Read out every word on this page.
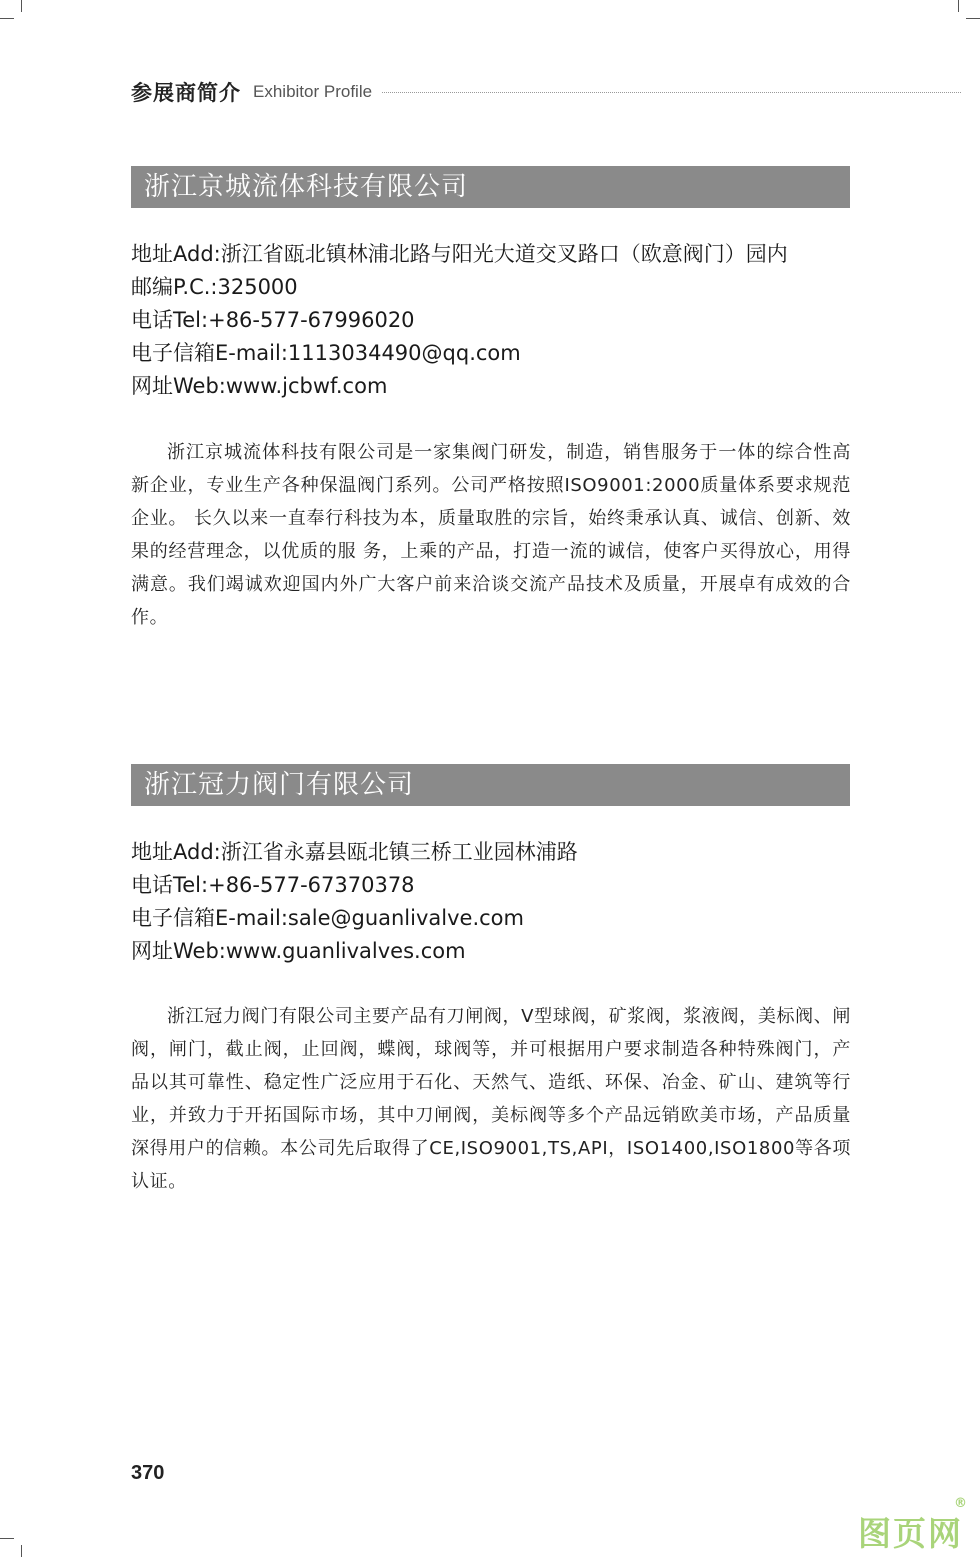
参展商简介 Exhibitor Profile
浙江京城流体科技有限公司
地址Add:浙江省瓯北镇林浦北路与阳光大道交叉路口（欧意阀门）园内
邮编P.C.:325000
电话Tel:+86-577-67996020
电子信箱E-mail:1113034490@qq.com
网址Web:www.jcbwf.com
浙江京城流体科技有限公司是一家集阀门研发，制造，销售服务于一体的综合性高新企业，专业生产各种保温阀门系列。公司严格按照ISO9001:2000质量体系要求规范企业。 长久以来一直奉行科技为本，质量取胜的宗旨，始终秉承认真、诚信、创新、效果的经营理念，以优质的服 务，上乘的产品，打造一流的诚信，使客户买得放心，用得满意。我们竭诚欢迎国内外广大客户前来洽谈交流产品技术及质量，开展卓有成效的合作。
浙江冠力阀门有限公司
地址Add:浙江省永嘉县瓯北镇三桥工业园林浦路
电话Tel:+86-577-67370378
电子信箱E-mail:sale@guanlivalve.com
网址Web:www.guanlivalves.com
浙江冠力阀门有限公司主要产品有刀闸阀，V型球阀，矿浆阀，浆液阀，美标阀、闸阀，闸门，截止阀，止回阀，蝶阀，球阀等，并可根据用户要求制造各种特殊阀门，产品以其可靠性、稳定性广泛应用于石化、天然气、造纸、环保、冶金、矿山、建筑等行业，并致力于开拓国际市场，其中刀闸阀，美标阀等多个产品远销欧美市场，产品质量深得用户的信赖。本公司先后取得了CE,ISO9001,TS,API，ISO1400,ISO1800等各项认证。
370
图页网
®
